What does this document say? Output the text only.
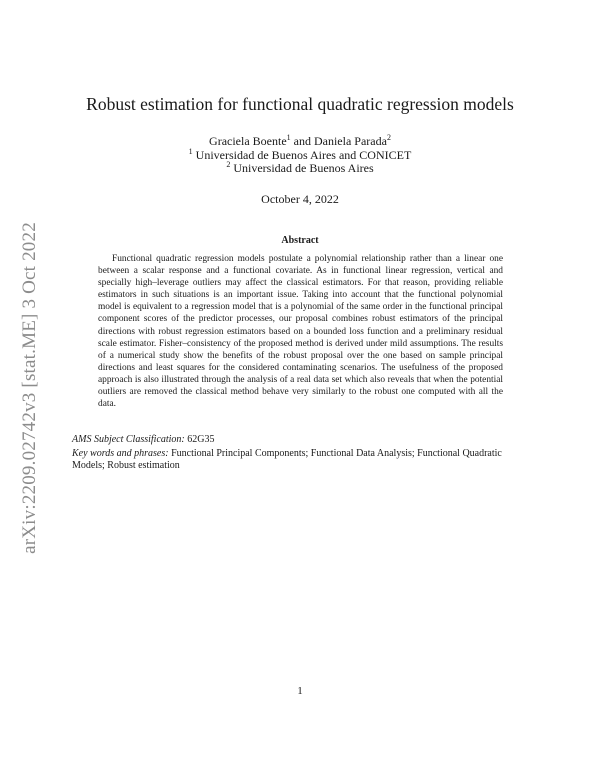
arXiv:2209.02742v3 [stat.ME] 3 Oct 2022
Robust estimation for functional quadratic regression models
Graciela Boente$^1$ and Daniela Parada$^2$
$^1$ Universidad de Buenos Aires and CONICET
$^2$ Universidad de Buenos Aires
October 4, 2022
Abstract

Functional quadratic regression models postulate a polynomial relationship rather than a linear one between a scalar response and a functional covariate. As in functional linear regression, vertical and specially high–leverage outliers may affect the classical estimators. For that reason, providing reliable estimators in such situations is an important issue. Taking into account that the functional polynomial model is equivalent to a regression model that is a polynomial of the same order in the functional principal component scores of the predictor processes, our proposal combines robust estimators of the principal directions with robust regression estimators based on a bounded loss function and a preliminary residual scale estimator. Fisher–consistency of the proposed method is derived under mild assumptions. The results of a numerical study show the benefits of the robust proposal over the one based on sample principal directions and least squares for the considered contaminating scenarios. The usefulness of the proposed approach is also illustrated through the analysis of a real data set which also reveals that when the potential outliers are removed the classical method behave very similarly to the robust one computed with all the data.

AMS Subject Classification: 62G35

Key words and phrases: Functional Principal Components; Functional Data Analysis; Functional Quadratic Models; Robust estimation

1
